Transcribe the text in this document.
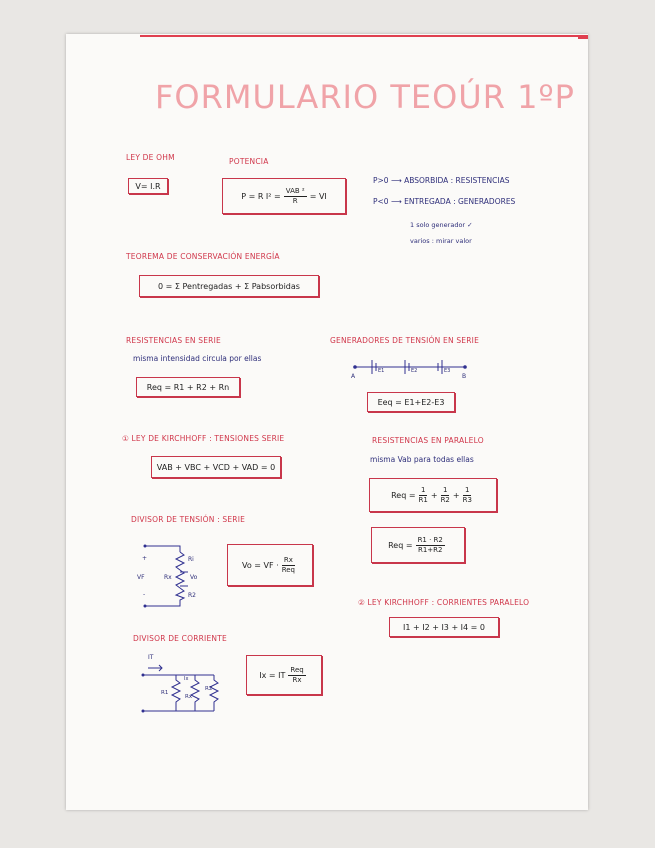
FORMULARIO TEOÚR 1ºP
LEY DE OHM
V= I.R
POTENCIA
P = R $I^2 = \frac{\text{VAB ²}}{R}$ = VI
P>0 ⟶ ABSORBIDA : RESISTENCIAS
P<0 ⟶ ENTREGADA : GENERADORES
1 solo generador ✓
varios : mirar valor
TEOREMA DE CONSERVACIÓN ENERGÍA
0 = Σ Pentregadas + Σ Pabsorbidas
RESISTENCIAS EN SERIE
misma intensidad circula por ellas
Req = R1 + R2 + Rn
GENERADORES DE TENSIÓN EN SERIE
A	B
E1	E2	E3
Eeq = E1+E2-E3
① LEY DE KIRCHHOFF : TENSIONES SERIE
VAB + VBC + VCD + VAD = 0
RESISTENCIAS EN PARALELO
misma Vab para todas ellas
Req = $\frac{1}{R1} + \frac{1}{R2} + \frac{1}{R3}$
Req = $\frac{R1 \cdot R2}{R1+R2}$
DIVISOR DE TENSIÓN : SERIE
+
-
VF	Rx
Ri
R2
Vo
Vo = VF · $\frac{Rx}{\text{Req}}$
② LEY KIRCHHOFF : CORRIENTES PARALELO
I1 + I2 + I3 + I4 = 0
DIVISOR DE CORRIENTE
IT
Ix
R1
Rx
R2
Ix = IT $\frac{\text{Req}}{Rx}$
